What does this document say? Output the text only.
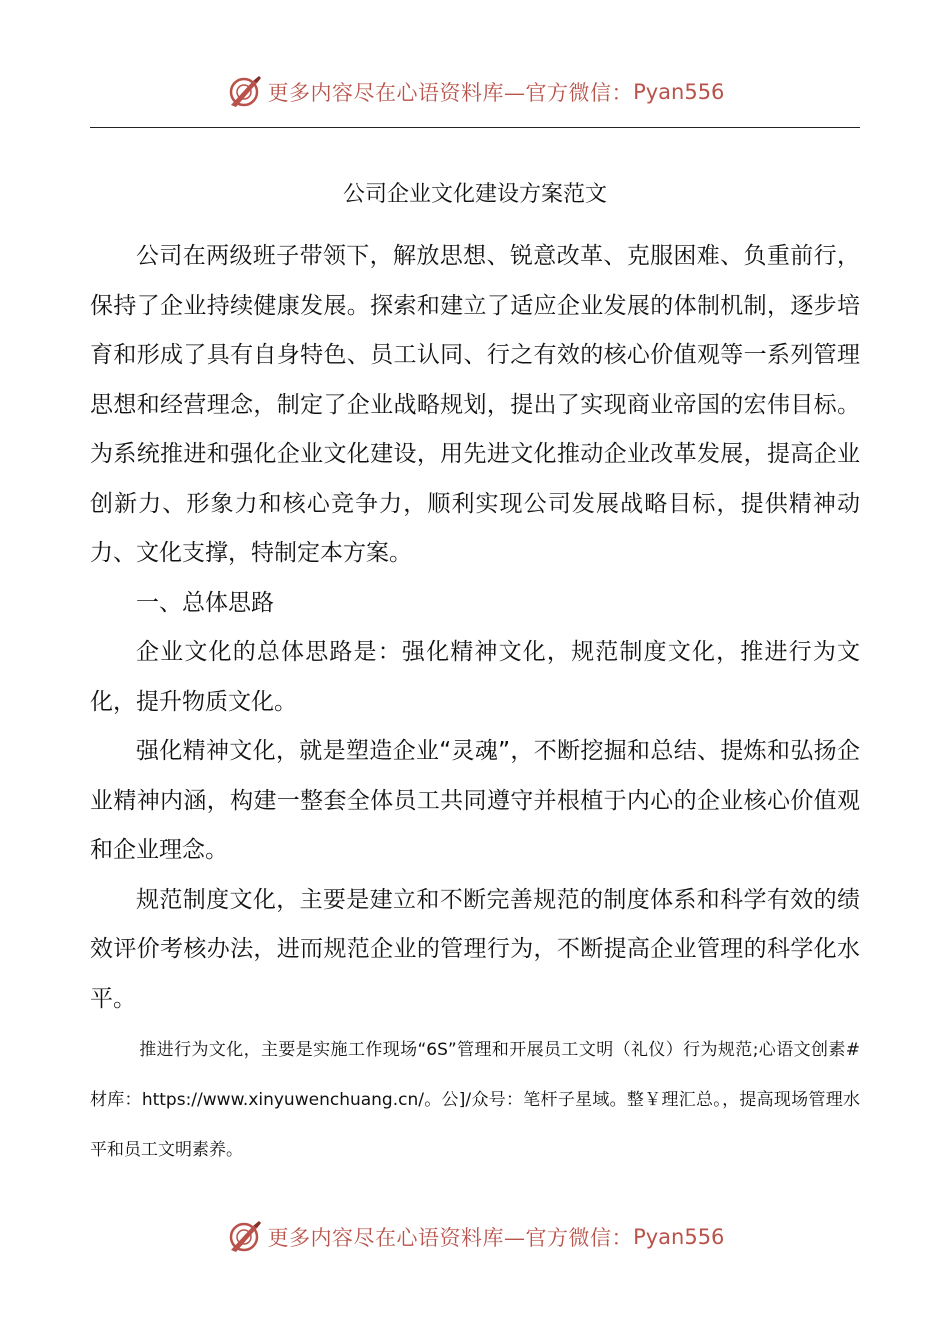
更多内容尽在心语资料库—官方微信： Pyan556
公司企业文化建设方案范文

公司在两级班子带领下，解放思想、锐意改革、克服困难、负重前行，保持了企业持续健康发展。探索和建立了适应企业发展的体制机制，逐步培育和形成了具有自身特色、员工认同、行之有效的核心价值观等一系列管理思想和经营理念，制定了企业战略规划，提出了实现商业帝国的宏伟目标。为系统推进和强化企业文化建设，用先进文化推动企业改革发展，提高企业创新力、形象力和核心竞争力，顺利实现公司发展战略目标，提供精神动力、文化支撑，特制定本方案。

一、总体思路

企业文化的总体思路是：强化精神文化，规范制度文化，推进行为文化，提升物质文化。

强化精神文化，就是塑造企业“灵魂”，不断挖掘和总结、提炼和弘扬企业精神内涵，构建一整套全体员工共同遵守并根植于内心的企业核心价值观和企业理念。

规范制度文化，主要是建立和不断完善规范的制度体系和科学有效的绩效评价考核办法，进而规范企业的管理行为，不断提高企业管理的科学化水平。

推进行为文化，主要是实施工作现场“6S”管理和开展员工文明（礼仪）行为规范;心语文创素#材库：https://www.xinyuwenchuang.cn/。公]/众号：笔杆子星域。整￥理汇总。，提高现场管理水平和员工文明素养。

更多内容尽在心语资料库—官方微信： Pyan556
